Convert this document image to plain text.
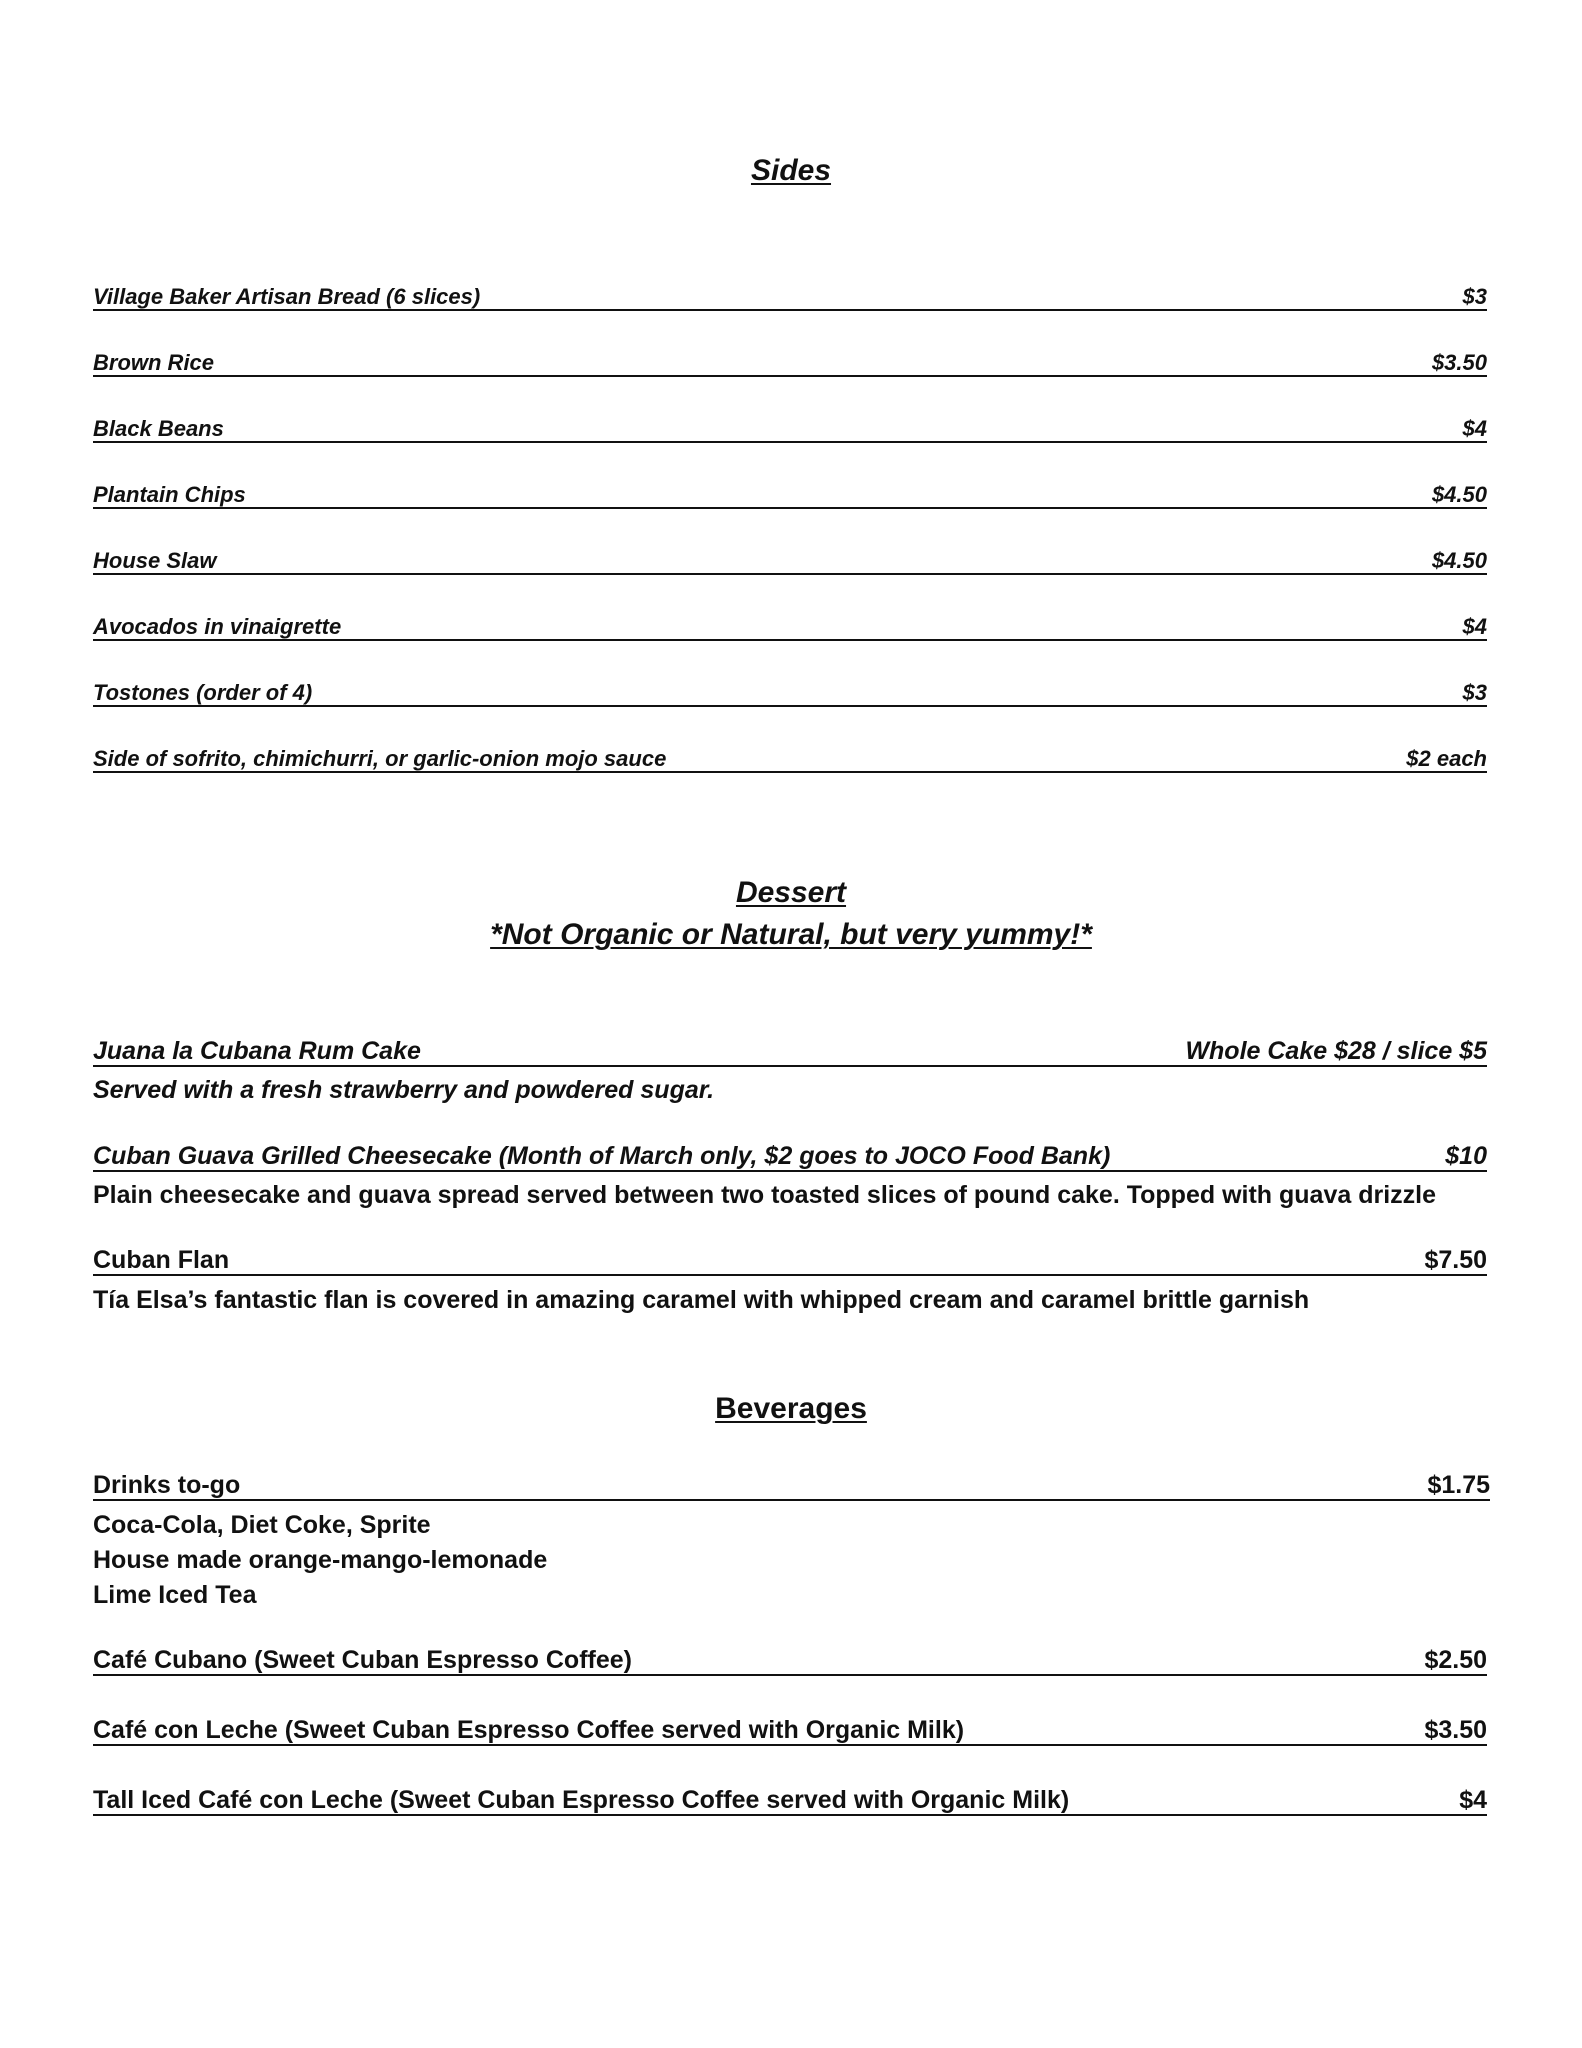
Sides
Village Baker Artisan Bread (6 slices)	$3
Brown Rice	$3.50
Black Beans	$4
Plantain Chips	$4.50
House Slaw	$4.50
Avocados in vinaigrette	$4
Tostones (order of 4)	$3
Side of sofrito, chimichurri, or garlic-onion mojo sauce	$2 each
Dessert
*Not Organic or Natural, but very yummy!*
Juana la Cubana Rum Cake	Whole Cake $28 / slice $5
Served with a fresh strawberry and powdered sugar.
Cuban Guava Grilled Cheesecake (Month of March only, $2 goes to JOCO Food Bank)	$10
Plain cheesecake and guava spread served between two toasted slices of pound cake. Topped with guava drizzle
Cuban Flan	$7.50
Tía Elsa’s fantastic flan is covered in amazing caramel with whipped cream and caramel brittle garnish
Beverages
Drinks to-go	$1.75
Coca-Cola, Diet Coke, Sprite
House made orange-mango-lemonade
Lime Iced Tea
Café Cubano (Sweet Cuban Espresso Coffee)	$2.50
Café con Leche (Sweet Cuban Espresso Coffee served with Organic Milk)	$3.50
Tall Iced Café con Leche (Sweet Cuban Espresso Coffee served with Organic Milk)	$4
